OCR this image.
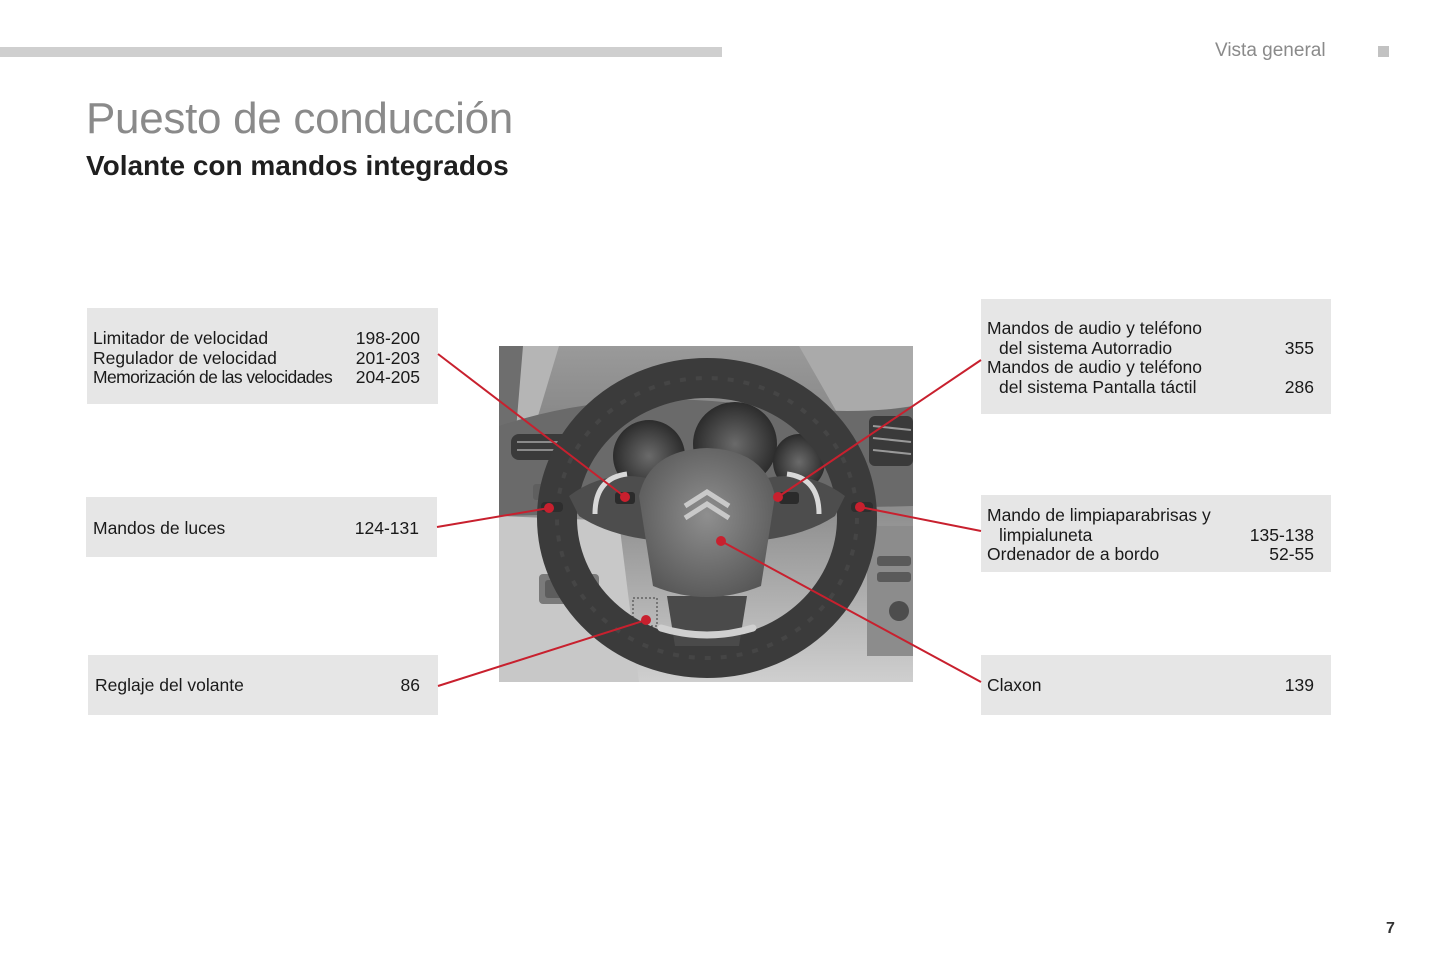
Vista general
Puesto de conducción
Volante con mandos integrados
Limitador de velocidad	198-200
Regulador de velocidad	201-203
Memorización de las velocidades 204-205
Mandos de luces	124-131
Reglaje del volante	86
Mandos de audio y teléfono
del sistema Autorradio	355
Mandos de audio y teléfono
del sistema Pantalla táctil	286
Mando de limpiaparabrisas y
limpialuneta	135-138
Ordenador de a bordo	52-55
Claxon	139
7
